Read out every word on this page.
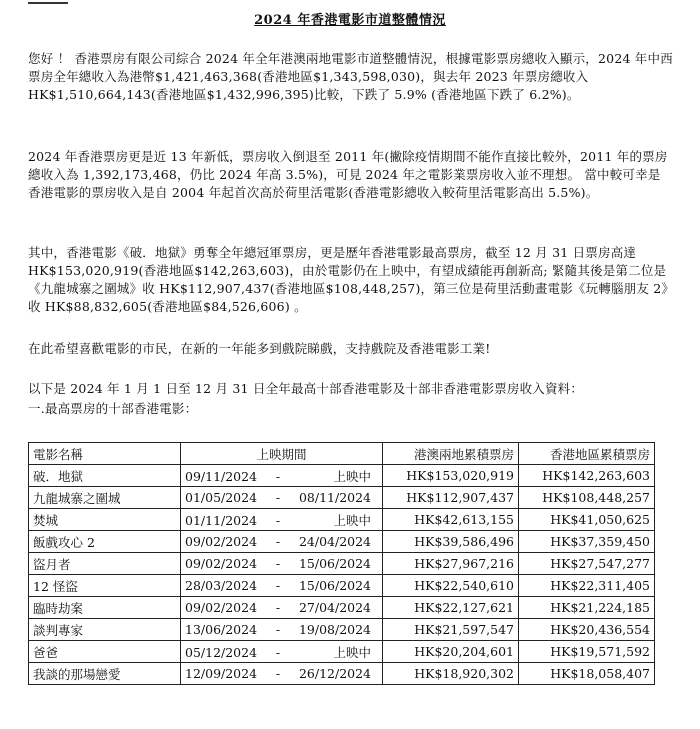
2024 年香港電影市道整體情況

您好 ！ 香港票房有限公司綜合 2024 年全年港澳兩地電影市道整體情況，根據電影票房總收入顯示，2024 年中西票房全年總收入為港幣$1,421,463,368(香港地區$1,343,598,030)，與去年 2023 年票房總收入 HK$1,510,664,143(香港地區$1,432,996,395)比較，下跌了 5.9% (香港地區下跌了 6.2%)。

2024 年香港票房更是近 13 年新低，票房收入倒退至 2011 年(撇除疫情期間不能作直接比較外，2011 年的票房總收入為 1,392,173,468，仍比 2024 年高 3.5%)，可見 2024 年之電影業票房收入並不理想。 當中較可幸是香港電影的票房收入是自 2004 年起首次高於荷里活電影(香港電影總收入較荷里活電影高出 5.5%)。

其中，香港電影《破．地獄》勇奪全年總冠軍票房，更是歷年香港電影最高票房，截至 12 月 31 日票房高達 HK$153,020,919(香港地區$142,263,603)，由於電影仍在上映中，有望成績能再創新高; 緊隨其後是第二位是《九龍城寨之圍城》收 HK$112,907,437(香港地區$108,448,257)，第三位是荷里活動畫電影《玩轉腦朋友 2》收 HK$88,832,605(香港地區$84,526,606) 。

在此希望喜歡電影的市民，在新的一年能多到戲院睇戲，支持戲院及香港電影工業!

以下是 2024 年 1 月 1 日至 12 月 31 日全年最高十部香港電影及十部非香港電影票房收入資料：

一.最高票房的十部香港電影：

電影名稱	上映期間	港澳兩地累積票房	香港地區累積票房
破．地獄	09/11/2024 - 上映中	HK$153,020,919	HK$142,263,603
九龍城寨之圍城	01/05/2024 - 08/11/2024	HK$112,907,437	HK$108,448,257
焚城	01/11/2024 - 上映中	HK$42,613,155	HK$41,050,625
飯戲攻心 2	09/02/2024 - 24/04/2024	HK$39,586,496	HK$37,359,450
盜月者	09/02/2024 - 15/06/2024	HK$27,967,216	HK$27,547,277
12 怪盜	28/03/2024 - 15/06/2024	HK$22,540,610	HK$22,311,405
臨時劫案	09/02/2024 - 27/04/2024	HK$22,127,621	HK$21,224,185
談判專家	13/06/2024 - 19/08/2024	HK$21,597,547	HK$20,436,554
爸爸	05/12/2024 - 上映中	HK$20,204,601	HK$19,571,592
我談的那場戀愛	12/09/2024 - 26/12/2024	HK$18,920,302	HK$18,058,407
